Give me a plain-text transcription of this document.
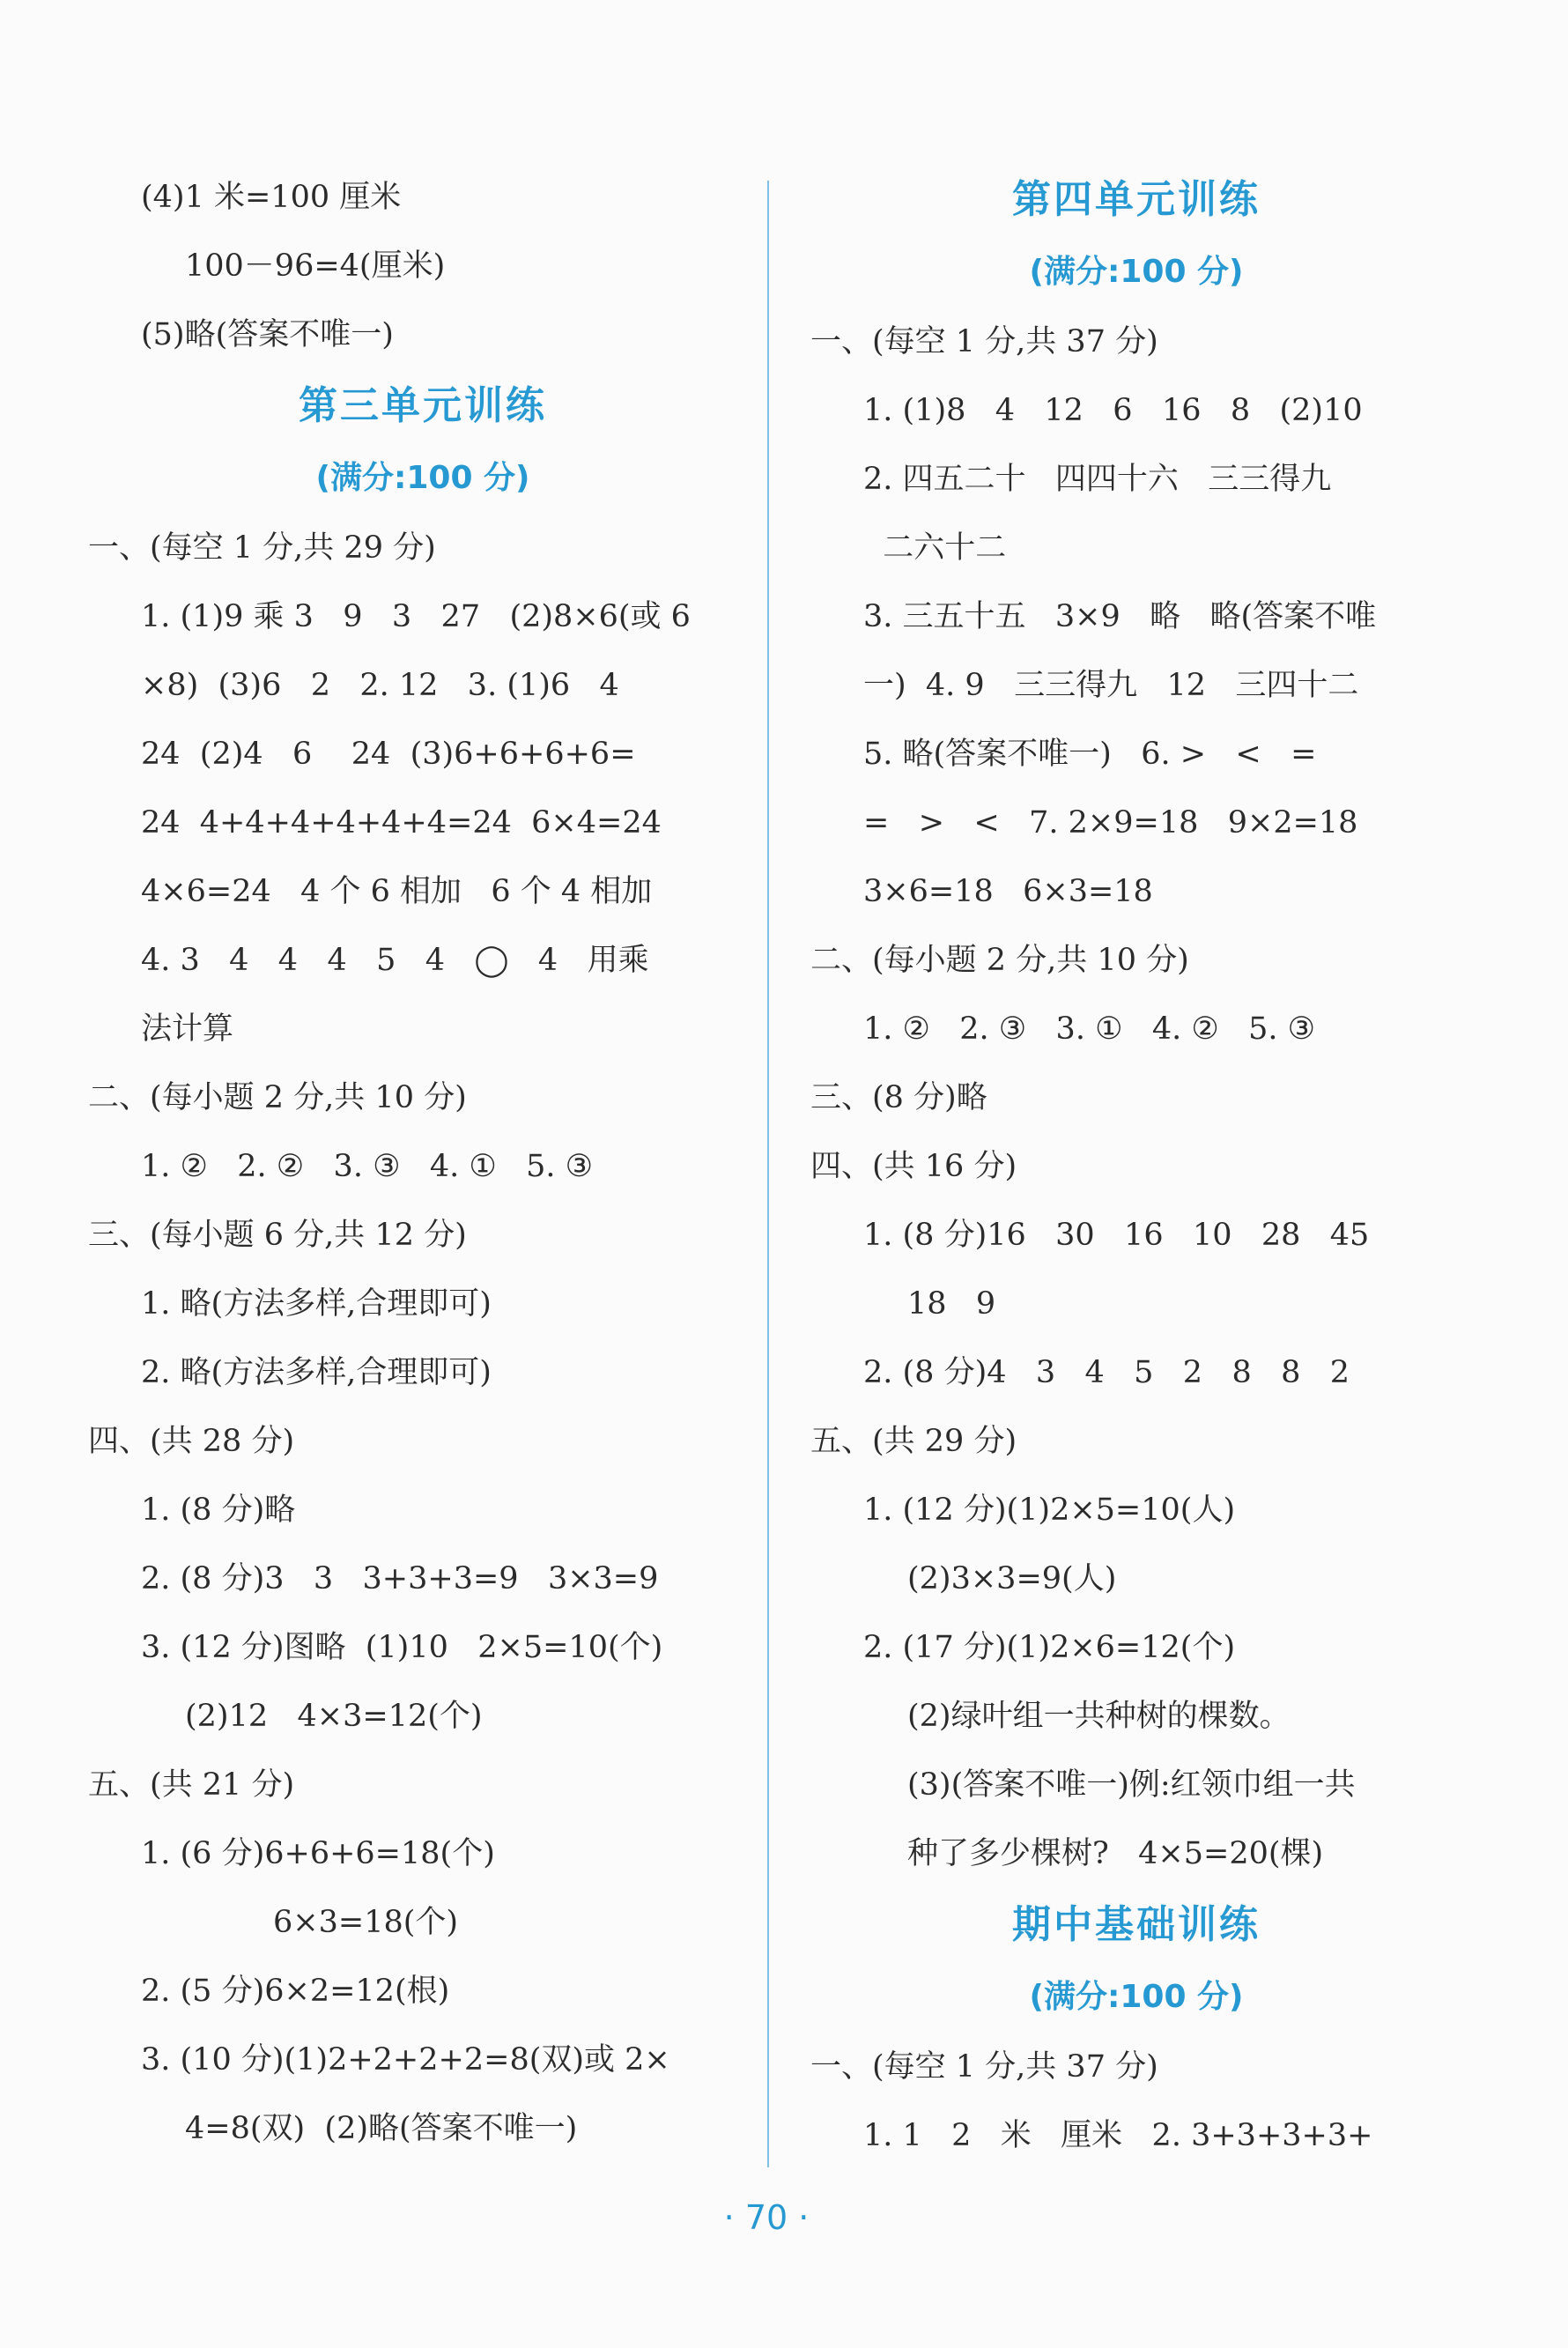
(4)1 米=100 厘米
100－96=4(厘米)
(5)略(答案不唯一)
第三单元训练
(满分:100 分)
一、(每空 1 分,共 29 分)
1. (1)9 乘 3   9   3   27   (2)8×6(或 6
×8)  (3)6   2   2. 12   3. (1)6   4
24  (2)4   6    24  (3)6+6+6+6=
24  4+4+4+4+4+4=24  6×4=24
4×6=24   4 个 6 相加   6 个 4 相加
4. 3   4   4   4   5   4   ◯   4   用乘
法计算
二、(每小题 2 分,共 10 分)
1. ②   2. ②   3. ③   4. ①   5. ③
三、(每小题 6 分,共 12 分)
1. 略(方法多样,合理即可)
2. 略(方法多样,合理即可)
四、(共 28 分)
1. (8 分)略
2. (8 分)3   3   3+3+3=9   3×3=9
3. (12 分)图略  (1)10   2×5=10(个)
(2)12   4×3=12(个)
五、(共 21 分)
1. (6 分)6+6+6=18(个)
6×3=18(个)
2. (5 分)6×2=12(根)
3. (10 分)(1)2+2+2+2=8(双)或 2×
4=8(双)  (2)略(答案不唯一)
第四单元训练
(满分:100 分)
一、(每空 1 分,共 37 分)
1. (1)8   4   12   6   16   8   (2)10
2. 四五二十   四四十六   三三得九
二六十二
3. 三五十五   3×9   略   略(答案不唯
一)  4. 9   三三得九   12   三四十二
5. 略(答案不唯一)   6. >   <   =
=   >   <   7. 2×9=18   9×2=18
3×6=18   6×3=18
二、(每小题 2 分,共 10 分)
1. ②   2. ③   3. ①   4. ②   5. ③
三、(8 分)略
四、(共 16 分)
1. (8 分)16   30   16   10   28   45
18   9
2. (8 分)4   3   4   5   2   8   8   2
五、(共 29 分)
1. (12 分)(1)2×5=10(人)
(2)3×3=9(人)
2. (17 分)(1)2×6=12(个)
(2)绿叶组一共种树的棵数。
(3)(答案不唯一)例:红领巾组一共
种了多少棵树?   4×5=20(棵)
期中基础训练
(满分:100 分)
一、(每空 1 分,共 37 分)
1. 1   2   米   厘米   2. 3+3+3+3+
· 70 ·
